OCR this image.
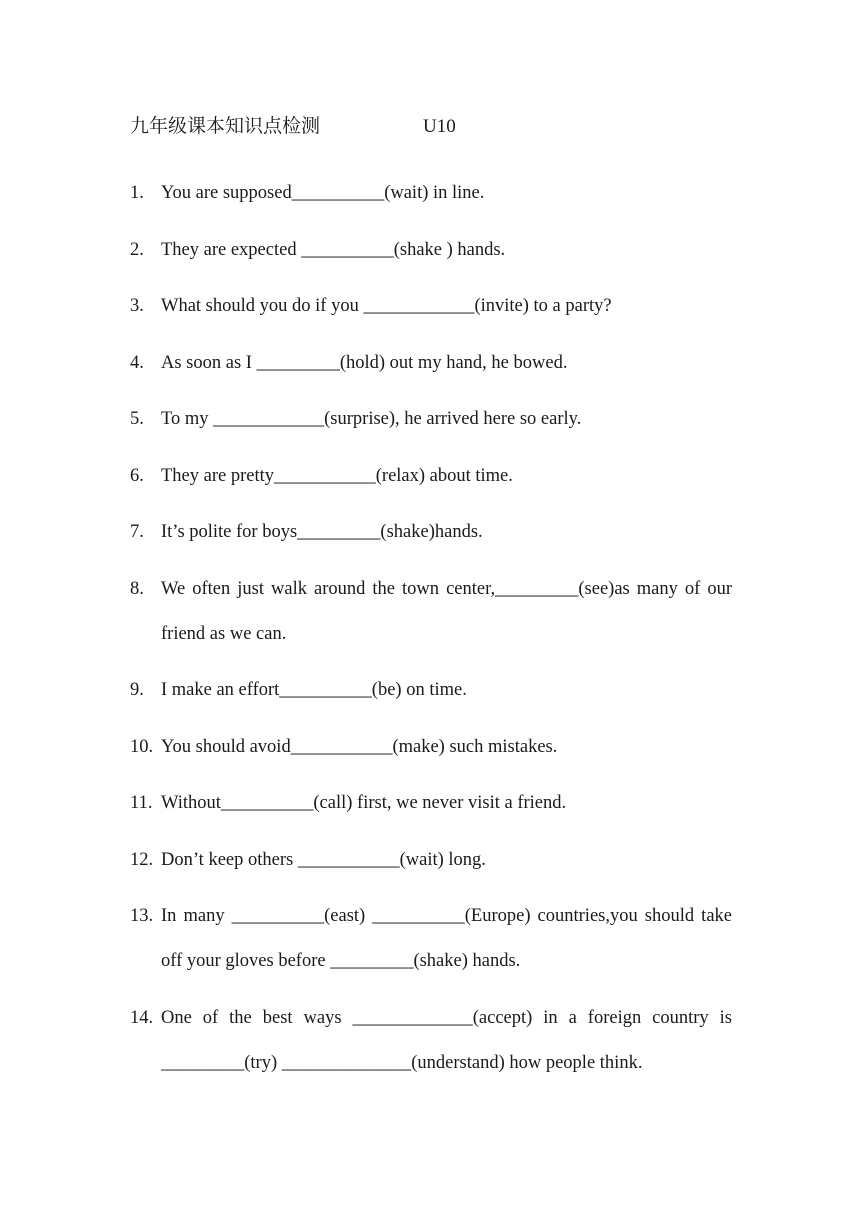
九年级课本知识点检测	U10
1. You are supposed__________(wait) in line.
2. They are expected __________(shake ) hands.
3. What should you do if you ____________(invite) to a party?
4. As soon as I _________(hold) out my hand, he bowed.
5. To my ____________(surprise), he arrived here so early.
6. They are pretty___________(relax) about time.
7. It’s polite for boys_________(shake)hands.
8. We often just walk around the town center,_________(see)as many of our friend as we can.
9. I make an effort__________(be) on time.
10. You should avoid___________(make) such mistakes.
11. Without__________(call) first, we never visit a friend.
12. Don’t keep others ___________(wait) long.
13. In many __________(east) __________(Europe) countries,you should take off your gloves before _________(shake) hands.
14. One of the best ways _____________(accept) in a foreign country is _________(try) ______________(understand) how people think.
